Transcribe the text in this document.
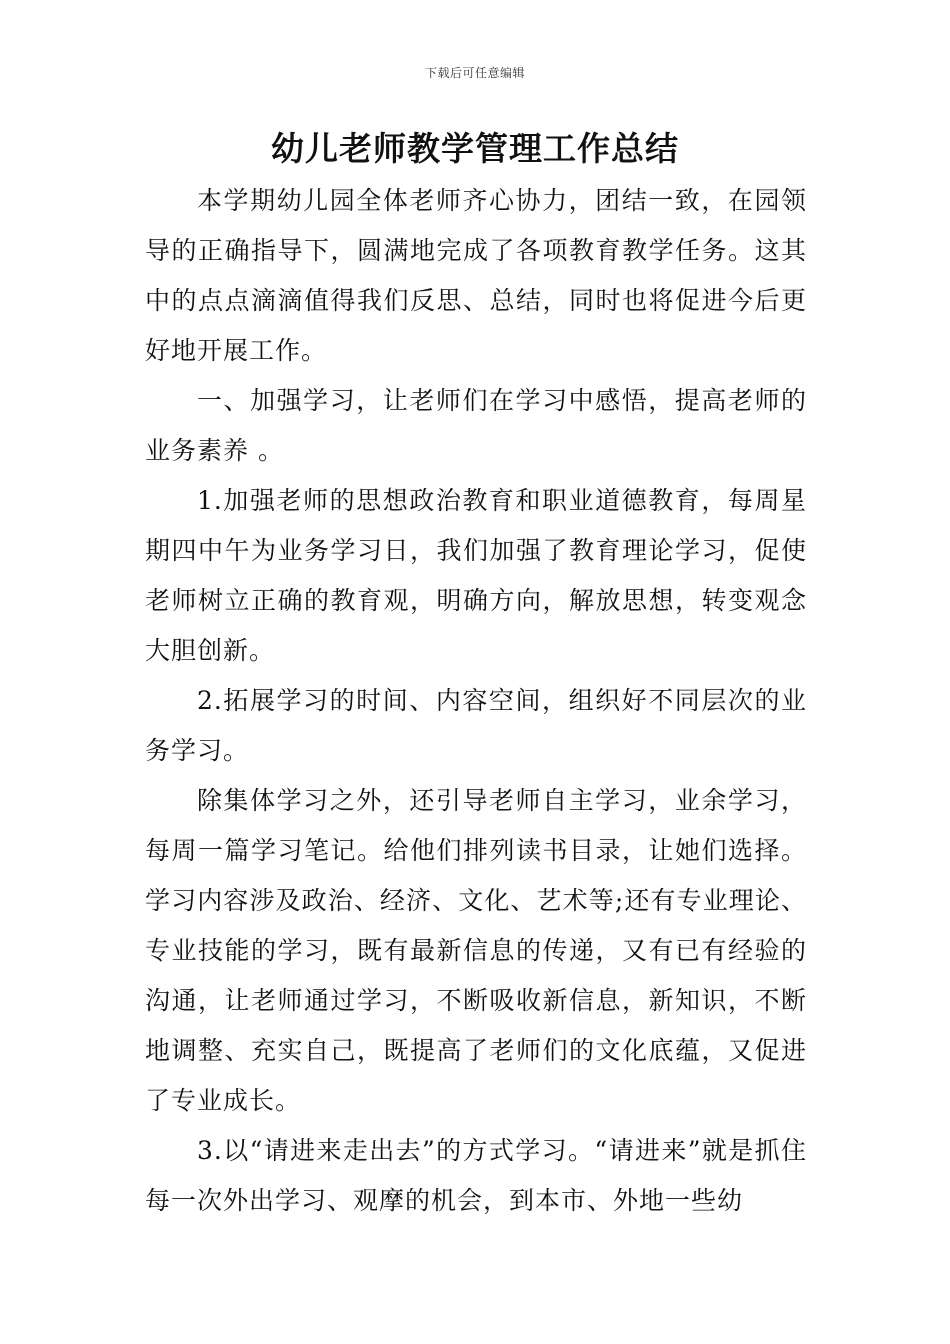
下载后可任意编辑
幼儿老师教学管理工作总结

本学期幼儿园全体老师齐心协力，团结一致，在园领导的正确指导下，圆满地完成了各项教育教学任务。这其中的点点滴滴值得我们反思、总结，同时也将促进今后更好地开展工作。

一、加强学习，让老师们在学习中感悟，提高老师的业务素养 。

1.加强老师的思想政治教育和职业道德教育，每周星期四中午为业务学习日，我们加强了教育理论学习，促使老师树立正确的教育观，明确方向，解放思想，转变观念大胆创新。

2.拓展学习的时间、内容空间，组织好不同层次的业务学习。

除集体学习之外，还引导老师自主学习，业余学习，每周一篇学习笔记。给他们排列读书目录，让她们选择。学习内容涉及政治、经济、文化、艺术等;还有专业理论、专业技能的学习，既有最新信息的传递，又有已有经验的沟通，让老师通过学习，不断吸收新信息，新知识，不断地调整、充实自己，既提高了老师们的文化底蕴，又促进了专业成长。

3.以“请进来走出去”的方式学习。“请进来”就是抓住每一次外出学习、观摩的机会，到本市、外地一些幼
